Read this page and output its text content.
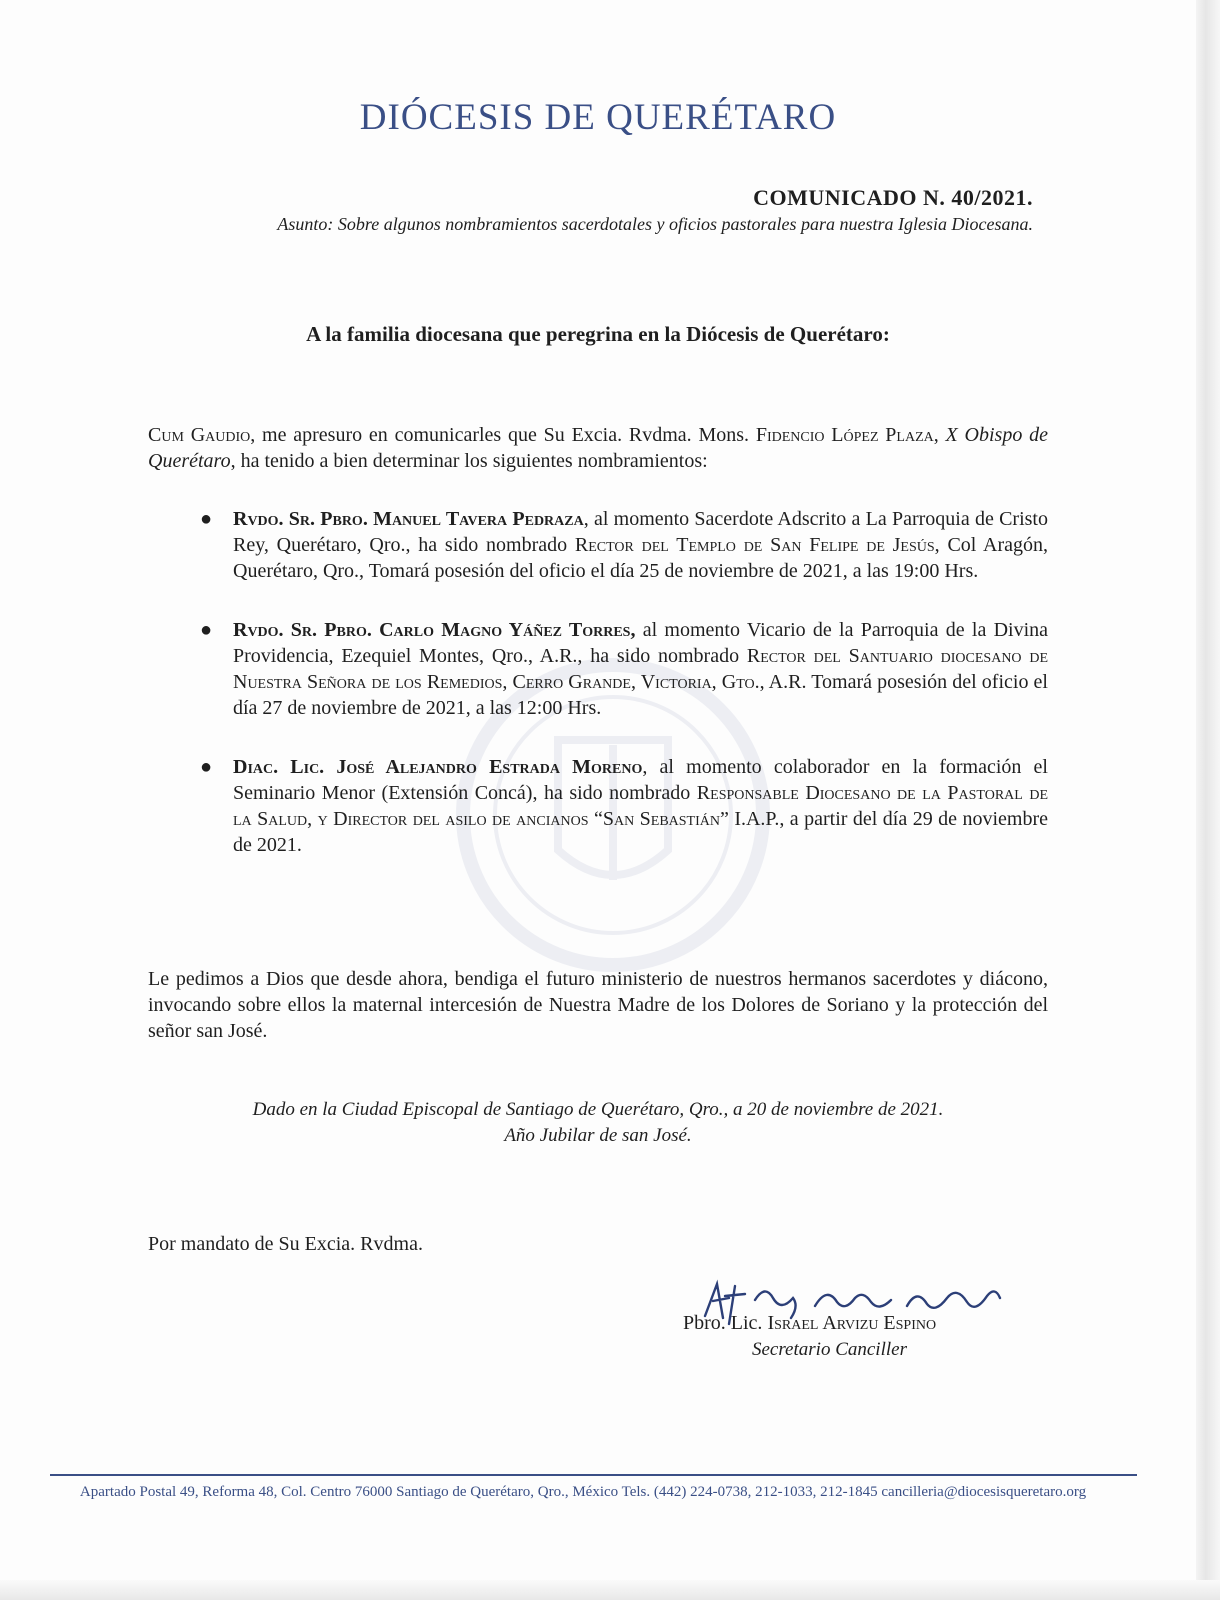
DIÓCESIS DE QUERÉTARO
COMUNICADO N. 40/2021.
Asunto: Sobre algunos nombramientos sacerdotales y oficios pastorales para nuestra Iglesia Diocesana.
A la familia diocesana que peregrina en la Diócesis de Querétaro:

Cum Gaudio, me apresuro en comunicarles que Su Excia. Rvdma. Mons. Fidencio López Plaza, X Obispo de Querétaro, ha tenido a bien determinar los siguientes nombramientos:

● Rvdo. Sr. Pbro. Manuel Tavera Pedraza, al momento Sacerdote Adscrito a La Parroquia de Cristo Rey, Querétaro, Qro., ha sido nombrado Rector del Templo de San Felipe de Jesús, Col Aragón, Querétaro, Qro., Tomará posesión del oficio el día 25 de noviembre de 2021, a las 19:00 Hrs.

● Rvdo. Sr. Pbro. Carlo Magno Yáñez Torres, al momento Vicario de la Parroquia de la Divina Providencia, Ezequiel Montes, Qro., A.R., ha sido nombrado Rector del Santuario diocesano de Nuestra Señora de los Remedios, Cerro Grande, Victoria, Gto., A.R. Tomará posesión del oficio el día 27 de noviembre de 2021, a las 12:00 Hrs.

● Diac. Lic. José Alejandro Estrada Moreno, al momento colaborador en la formación el Seminario Menor (Extensión Concá), ha sido nombrado Responsable Diocesano de la Pastoral de la Salud, y Director del asilo de ancianos “San Sebastián” I.A.P., a partir del día 29 de noviembre de 2021.

Le pedimos a Dios que desde ahora, bendiga el futuro ministerio de nuestros hermanos sacerdotes y diácono, invocando sobre ellos la maternal intercesión de Nuestra Madre de los Dolores de Soriano y la protección del señor san José.

Dado en la Ciudad Episcopal de Santiago de Querétaro, Qro., a 20 de noviembre de 2021.
Año Jubilar de san José.
Por mandato de Su Excia. Rvdma.
Pbro. Lic. Israel Arvizu Espino
Secretario Canciller
Apartado Postal 49, Reforma 48, Col. Centro 76000 Santiago de Querétaro, Qro., México Tels. (442) 224-0738, 212-1033, 212-1845 cancilleria@diocesisqueretaro.org
